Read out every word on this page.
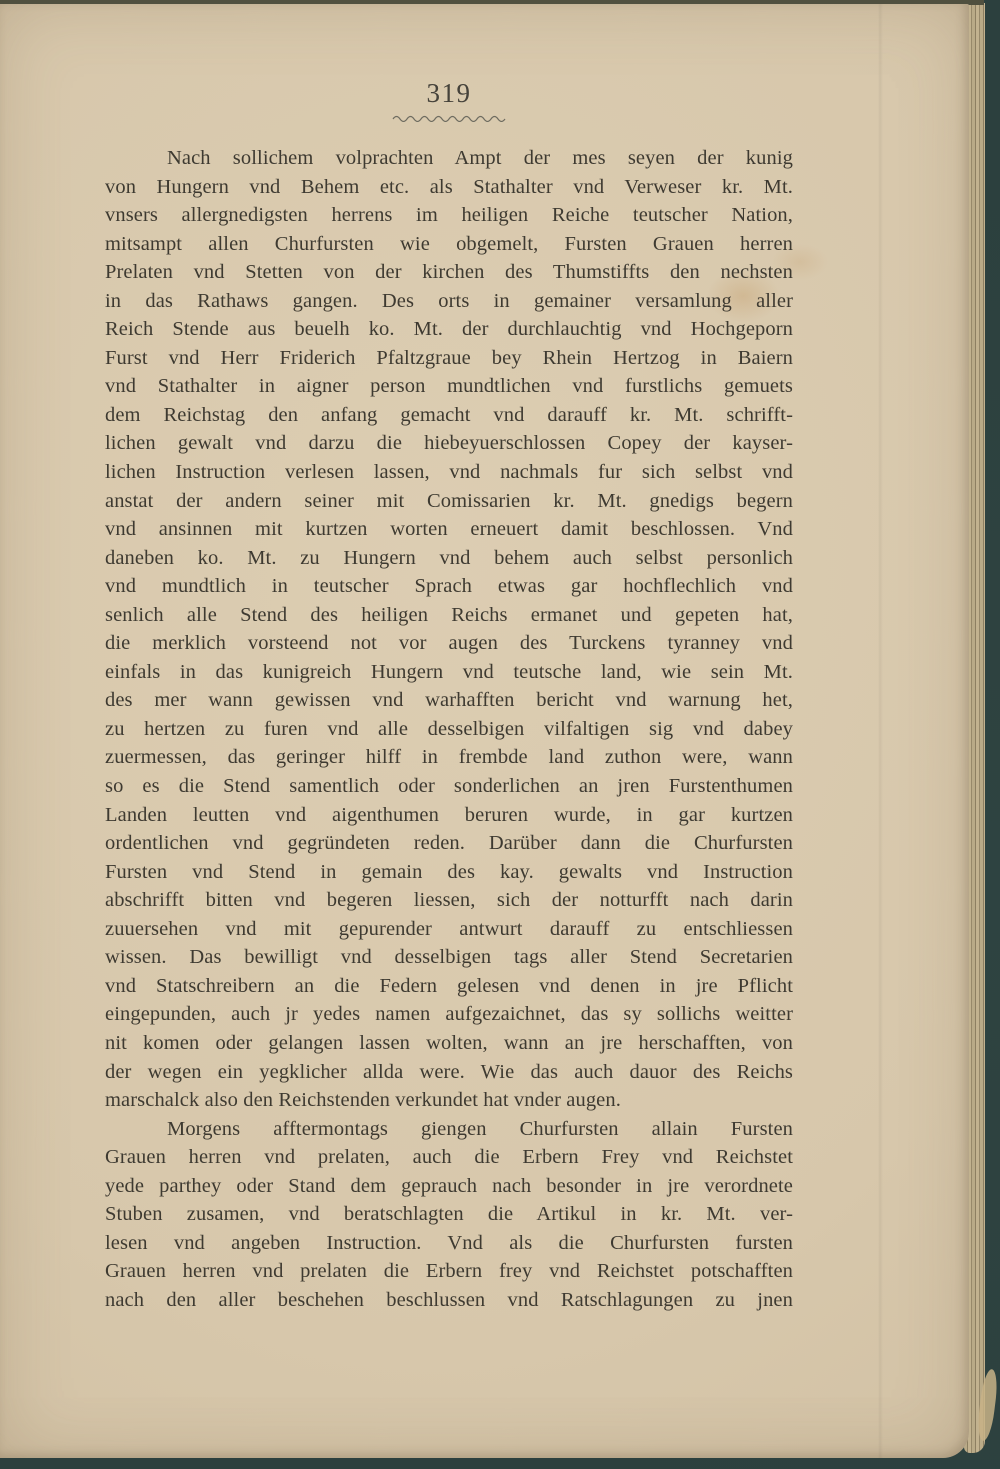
319
Nach sollichem volprachten Ampt der mes seyen der kunig
von Hungern vnd Behem etc. als Stathalter vnd Verweser kr. Mt.
vnsers allergnedigsten herrens im heiligen Reiche teutscher Nation,
mitsampt allen Churfursten wie obgemelt, Fursten Grauen herren
Prelaten vnd Stetten von der kirchen des Thumstiffts den nechsten
in das Rathaws gangen. Des orts in gemainer versamlung aller
Reich Stende aus beuelh ko. Mt. der durchlauchtig vnd Hochgeporn
Furst vnd Herr Friderich Pfaltzgraue bey Rhein Hertzog in Baiern
vnd Stathalter in aigner person mundtlichen vnd furstlichs gemuets
dem Reichstag den anfang gemacht vnd darauff kr. Mt. schrifft-
lichen gewalt vnd darzu die hiebeyuerschlossen Copey der kayser-
lichen Instruction verlesen lassen, vnd nachmals fur sich selbst vnd
anstat der andern seiner mit Comissarien kr. Mt. gnedigs begern
vnd ansinnen mit kurtzen worten erneuert damit beschlossen. Vnd
daneben ko. Mt. zu Hungern vnd behem auch selbst personlich
vnd mundtlich in teutscher Sprach etwas gar hochflechlich vnd
senlich alle Stend des heiligen Reichs ermanet und gepeten hat,
die merklich vorsteend not vor augen des Turckens tyranney vnd
einfals in das kunigreich Hungern vnd teutsche land, wie sein Mt.
des mer wann gewissen vnd warhafften bericht vnd warnung het,
zu hertzen zu furen vnd alle desselbigen vilfaltigen sig vnd dabey
zuermessen, das geringer hilff in frembde land zuthon were, wann
so es die Stend samentlich oder sonderlichen an jren Furstenthumen
Landen leutten vnd aigenthumen beruren wurde, in gar kurtzen
ordentlichen vnd gegründeten reden. Darüber dann die Churfursten
Fursten vnd Stend in gemain des kay. gewalts vnd Instruction
abschrifft bitten vnd begeren liessen, sich der notturfft nach darin
zuuersehen vnd mit gepurender antwurt darauff zu entschliessen
wissen. Das bewilligt vnd desselbigen tags aller Stend Secretarien
vnd Statschreibern an die Federn gelesen vnd denen in jre Pflicht
eingepunden, auch jr yedes namen aufgezaichnet, das sy sollichs weitter
nit komen oder gelangen lassen wolten, wann an jre herschafften, von
der wegen ein yegklicher allda were. Wie das auch dauor des Reichs
marschalck also den Reichstenden verkundet hat vnder augen.
Morgens afftermontags giengen Churfursten allain Fursten
Grauen herren vnd prelaten, auch die Erbern Frey vnd Reichstet
yede parthey oder Stand dem geprauch nach besonder in jre verordnete
Stuben zusamen, vnd beratschlagten die Artikul in kr. Mt. ver-
lesen vnd angeben Instruction. Vnd als die Churfursten fursten
Grauen herren vnd prelaten die Erbern frey vnd Reichstet potschafften
nach den aller beschehen beschlussen vnd Ratschlagungen zu jnen
